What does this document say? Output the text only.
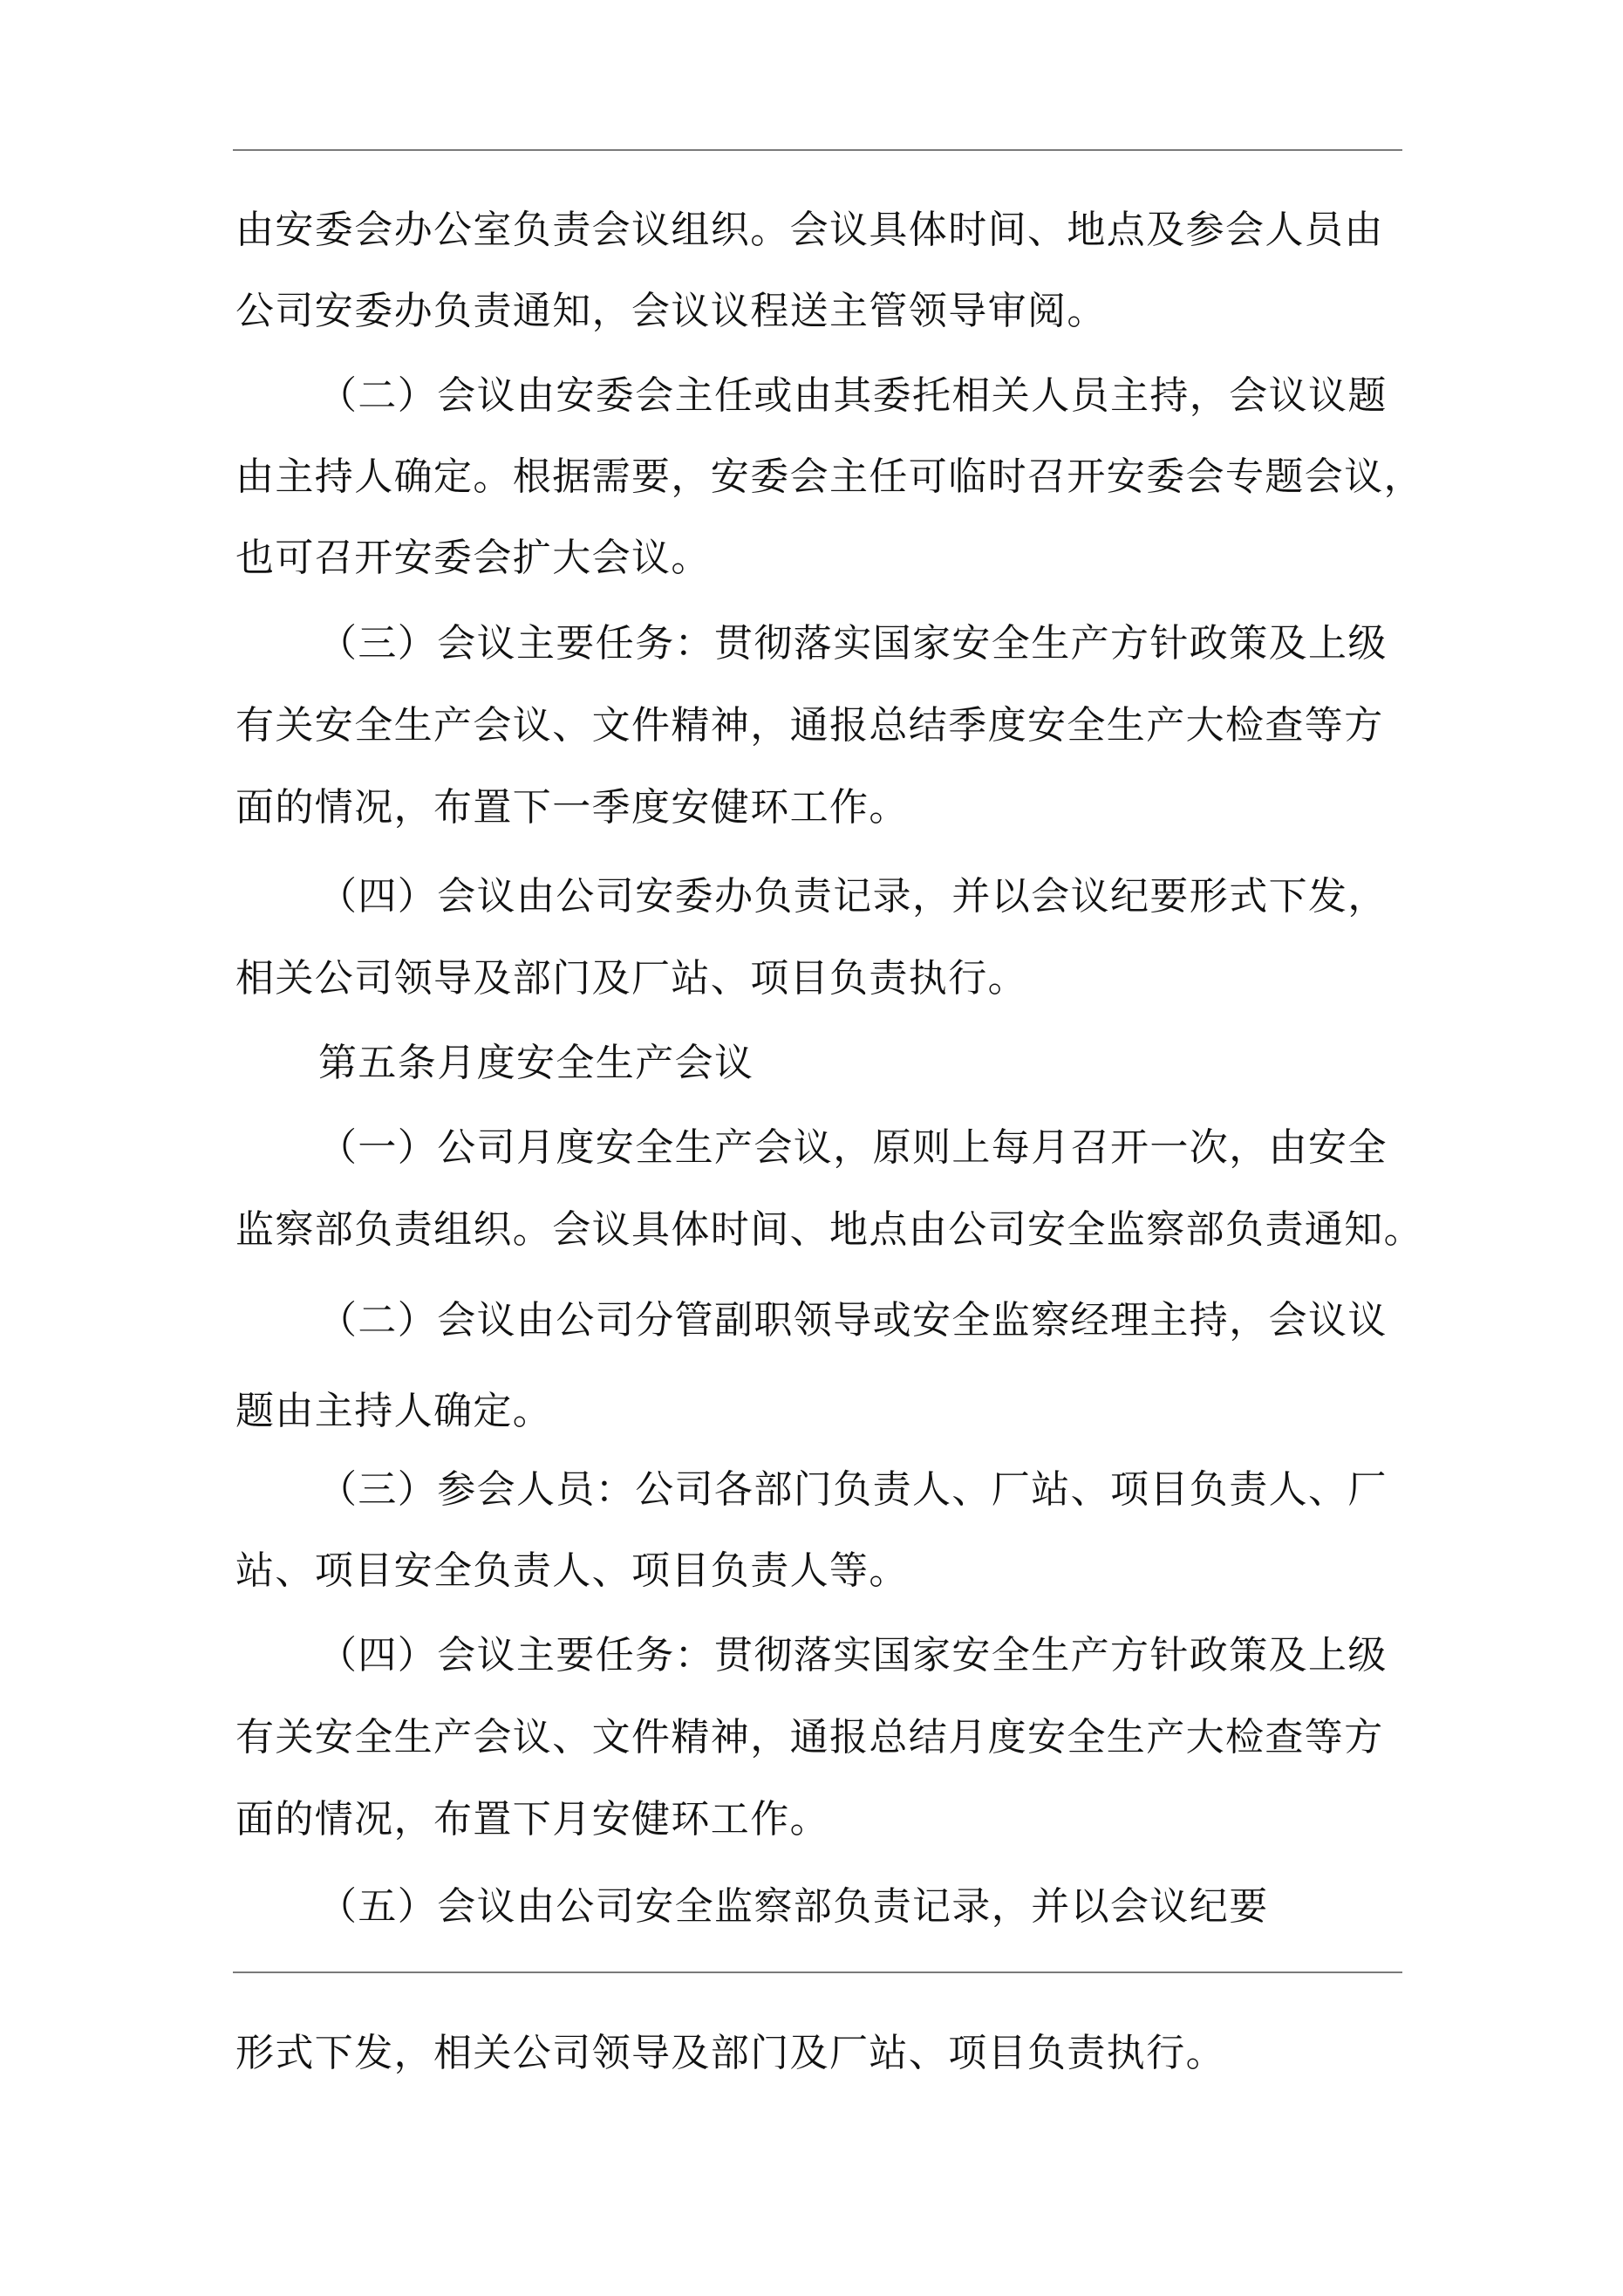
由安委会办公室负责会议组织。会议具体时间、地点及参会人员由

公司安委办负责通知，会议议程送主管领导审阅。

（二）会议由安委会主任或由其委托相关人员主持，会议议题

由主持人确定。根据需要，安委会主任可临时召开安委会专题会议，

也可召开安委会扩大会议。

（三）会议主要任务：贯彻落实国家安全生产方针政策及上级

有关安全生产会议、文件精神，通报总结季度安全生产大检查等方

面的情况，布置下一季度安健环工作。

（四）会议由公司安委办负责记录，并以会议纪要形式下发，

相关公司领导及部门及厂站、项目负责执行。

第五条月度安全生产会议

（一）公司月度安全生产会议，原则上每月召开一次，由安全

监察部负责组织。会议具体时间、地点由公司安全监察部负责通知。

（二）会议由公司分管副职领导或安全监察经理主持，会议议

题由主持人确定。

（三）参会人员：公司各部门负责人、厂站、项目负责人、厂

站、项目安全负责人、项目负责人等。

（四）会议主要任务：贯彻落实国家安全生产方针政策及上级

有关安全生产会议、文件精神，通报总结月度安全生产大检查等方

面的情况，布置下月安健环工作。

（五）会议由公司安全监察部负责记录，并以会议纪要

形式下发，相关公司领导及部门及厂站、项目负责执行。
